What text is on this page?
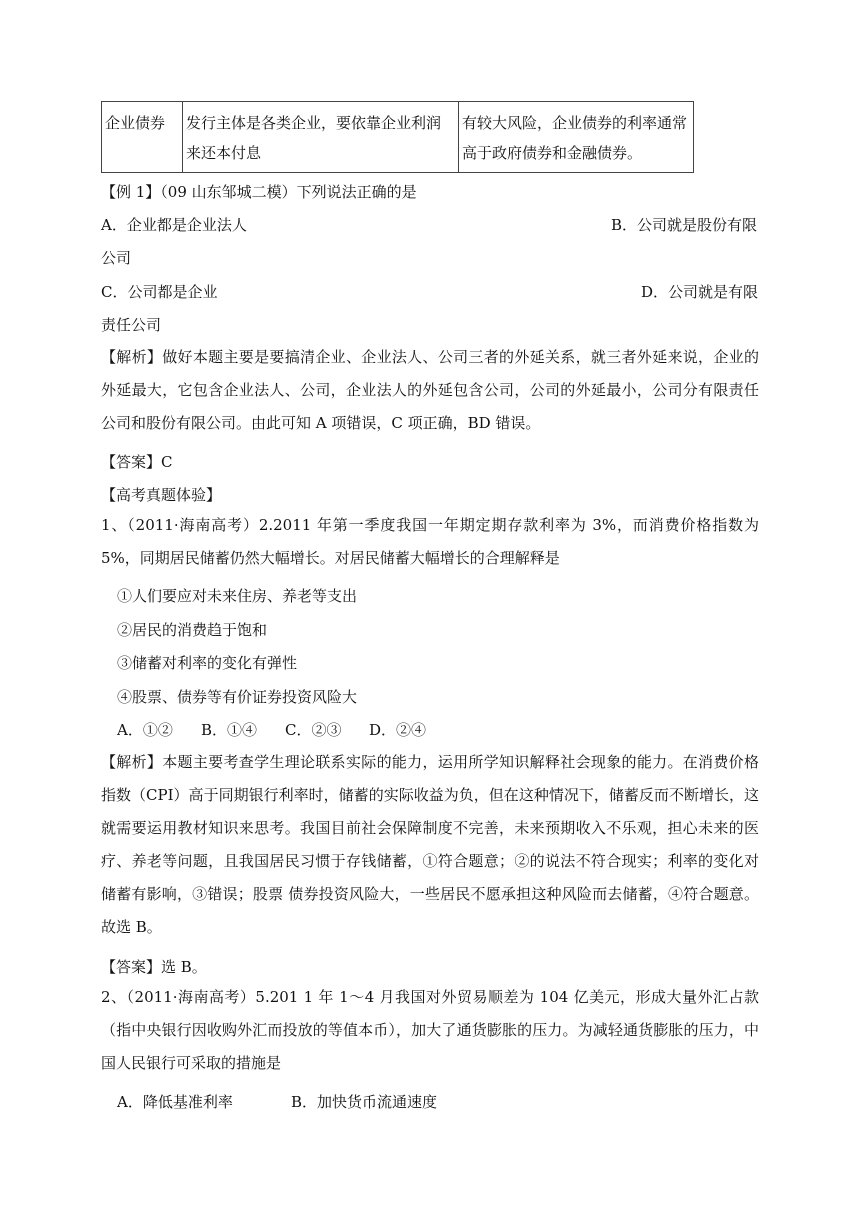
企业债券	发行主体是各类企业，要依靠企业利润来还本付息	有较大风险，企业债券的利率通常高于政府债券和金融债券。
【例 1】（09 山东邹城二模）下列说法正确的是
A．企业都是企业法人	B．公司就是股份有限
公司
C．公司都是企业	D．公司就是有限
责任公司
【解析】做好本题主要是要搞清企业、企业法人、公司三者的外延关系，就三者外延来说，企业的外延最大，它包含企业法人、公司，企业法人的外延包含公司，公司的外延最小，公司分有限责任公司和股份有限公司。由此可知 A 项错误，C 项正确，BD 错误。
【答案】C
【高考真题体验】
1、（2011·海南高考）2.2011 年第一季度我国一年期定期存款利率为 3%，而消费价格指数为 5%，同期居民储蓄仍然大幅增长。对居民储蓄大幅增长的合理解释是
①人们要应对未来住房、养老等支出
②居民的消费趋于饱和
③储蓄对利率的变化有弹性
④股票、债券等有价证券投资风险大
A．①② B．①④ C．②③ D．②④
【解析】本题主要考查学生理论联系实际的能力，运用所学知识解释社会现象的能力。在消费价格指数（CPI）高于同期银行利率时，储蓄的实际收益为负，但在这种情况下，储蓄反而不断增长，这就需要运用教材知识来思考。我国目前社会保障制度不完善，未来预期收入不乐观，担心未来的医疗、养老等问题，且我国居民习惯于存钱储蓄，①符合题意；②的说法不符合现实；利率的变化对储蓄有影响，③错误；股票 债券投资风险大，一些居民不愿承担这种风险而去储蓄，④符合题意。故选 B。
【答案】选 B。
2、（2011·海南高考）5.201 1 年 1～4 月我国对外贸易顺差为 104 亿美元，形成大量外汇占款（指中央银行因收购外汇而投放的等值本币），加大了通货膨胀的压力。为减轻通货膨胀的压力，中国人民银行可采取的措施是
A．降低基准利率	B．加快货币流通速度
